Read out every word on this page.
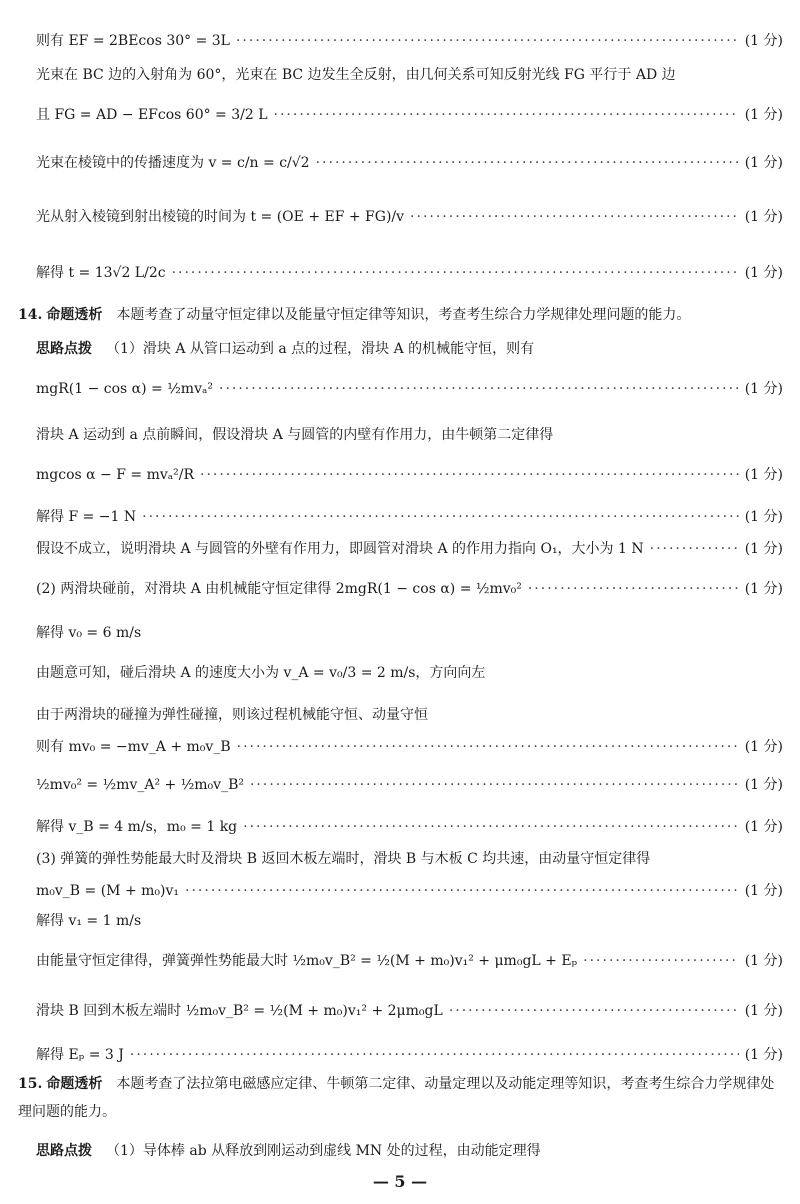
则有 EF = 2BEcos 30° = 3L ·····	(1 分)
光束在 BC 边的入射角为 60°，光束在 BC 边发生全反射，由几何关系可知反射光线 FG 平行于 AD 边
且 FG = AD − EFcos 60° = 3/2 L ·····	(1 分)
光束在棱镜中的传播速度为 v = c/n = c/√2 ·····	(1 分)
光从射入棱镜到射出棱镜的时间为 t = (OE + EF + FG)/v ·····	(1 分)
解得 t = 13√2 L/2c ·····	(1 分)
14. 命题透析 本题考查了动量守恒定律以及能量守恒定律等知识，考查考生综合力学规律处理问题的能力。
思路点拨 （1）滑块 A 从管口运动到 a 点的过程，滑块 A 的机械能守恒，则有
mgR(1 − cos α) = ½mvₐ² ·····	(1 分)
滑块 A 运动到 a 点前瞬间，假设滑块 A 与圆管的内壁有作用力，由牛顿第二定律得
mgcos α − F = mvₐ²/R ·····	(1 分)
解得 F = −1 N ·····	(1 分)
假设不成立，说明滑块 A 与圆管的外壁有作用力，即圆管对滑块 A 的作用力指向 O₁，大小为 1 N ·····	(1 分)
(2) 两滑块碰前，对滑块 A 由机械能守恒定律得 2mgR(1 − cos α) = ½mv₀² ·····	(1 分)
解得 v₀ = 6 m/s
由题意可知，碰后滑块 A 的速度大小为 v_A = v₀/3 = 2 m/s，方向向左
由于两滑块的碰撞为弹性碰撞，则该过程机械能守恒、动量守恒
则有 mv₀ = −mv_A + m₀v_B ·····	(1 分)
½mv₀² = ½mv_A² + ½m₀v_B² ·····	(1 分)
解得 v_B = 4 m/s，m₀ = 1 kg ·····	(1 分)
(3) 弹簧的弹性势能最大时及滑块 B 返回木板左端时，滑块 B 与木板 C 均共速，由动量守恒定律得
m₀v_B = (M + m₀)v₁ ·····	(1 分)
解得 v₁ = 1 m/s
由能量守恒定律得，弹簧弹性势能最大时 ½m₀v_B² = ½(M + m₀)v₁² + μm₀gL + Eₚ ·····	(1 分)
滑块 B 回到木板左端时 ½m₀v_B² = ½(M + m₀)v₁² + 2μm₀gL ·····	(1 分)
解得 Eₚ = 3 J ·····	(1 分)
15. 命题透析 本题考查了法拉第电磁感应定律、牛顿第二定律、动量定理以及动能定理等知识，考查考生综合力学规律处理问题的能力。
思路点拨 （1）导体棒 ab 从释放到刚运动到虚线 MN 处的过程，由动能定理得
— 5 —
